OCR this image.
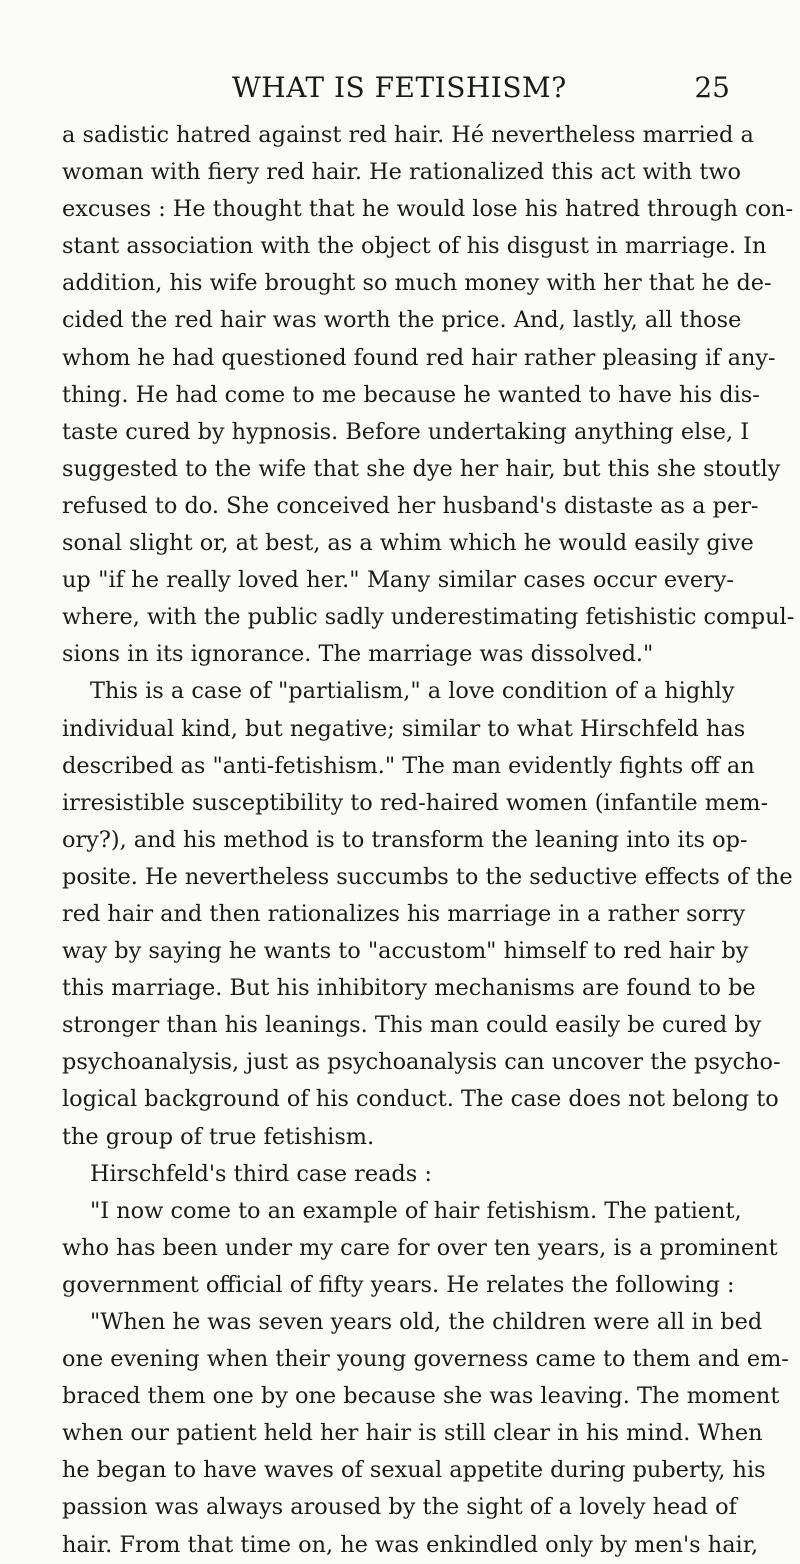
WHAT IS FETISHISM?	25
a sadistic hatred against red hair. Hé nevertheless married a
woman with fiery red hair. He rationalized this act with two
excuses : He thought that he would lose his hatred through con-
stant association with the object of his disgust in marriage. In
addition, his wife brought so much money with her that he de-
cided the red hair was worth the price. And, lastly, all those
whom he had questioned found red hair rather pleasing if any-
thing. He had come to me because he wanted to have his dis-
taste cured by hypnosis. Before undertaking anything else, I
suggested to the wife that she dye her hair, but this she stoutly
refused to do. She conceived her husband's distaste as a per-
sonal slight or, at best, as a whim which he would easily give
up "if he really loved her." Many similar cases occur every-
where, with the public sadly underestimating fetishistic compul-
sions in its ignorance. The marriage was dissolved."
This is a case of "partialism," a love condition of a highly
individual kind, but negative; similar to what Hirschfeld has
described as "anti-fetishism." The man evidently fights off an
irresistible susceptibility to red-haired women (infantile mem-
ory?), and his method is to transform the leaning into its op-
posite. He nevertheless succumbs to the seductive effects of the
red hair and then rationalizes his marriage in a rather sorry
way by saying he wants to "accustom" himself to red hair by
this marriage. But his inhibitory mechanisms are found to be
stronger than his leanings. This man could easily be cured by
psychoanalysis, just as psychoanalysis can uncover the psycho-
logical background of his conduct. The case does not belong to
the group of true fetishism.
Hirschfeld's third case reads :
"I now come to an example of hair fetishism. The patient,
who has been under my care for over ten years, is a prominent
government official of fifty years. He relates the following :
"When he was seven years old, the children were all in bed
one evening when their young governess came to them and em-
braced them one by one because she was leaving. The moment
when our patient held her hair is still clear in his mind. When
he began to have waves of sexual appetite during puberty, his
passion was always aroused by the sight of a lovely head of
hair. From that time on, he was enkindled only by men's hair,
